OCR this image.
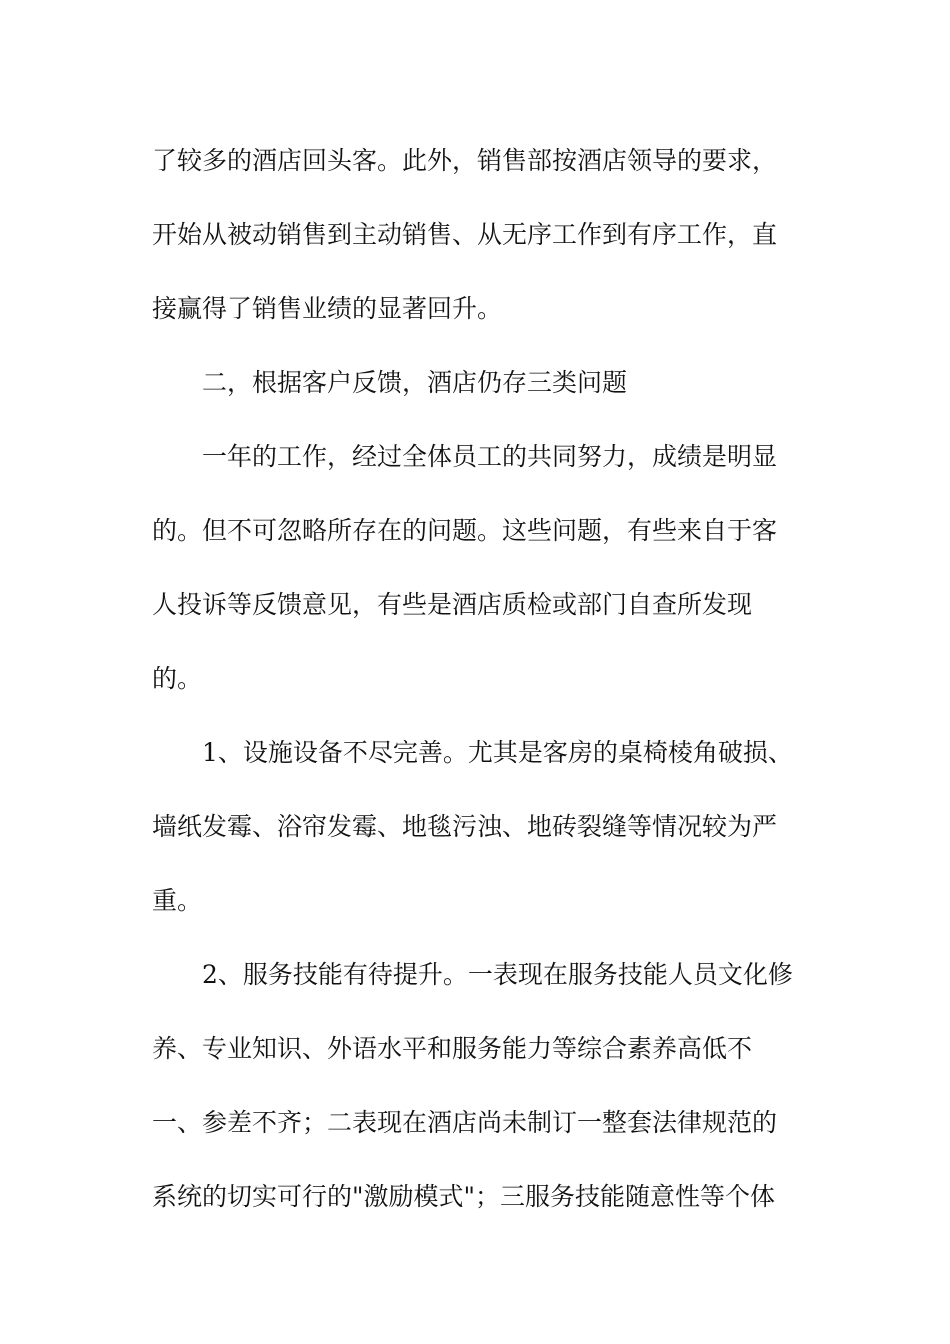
了较多的酒店回头客。此外，销售部按酒店领导的要求，
开始从被动销售到主动销售、从无序工作到有序工作，直
接赢得了销售业绩的显著回升。
二，根据客户反馈，酒店仍存三类问题
一年的工作，经过全体员工的共同努力，成绩是明显
的。但不可忽略所存在的问题。这些问题，有些来自于客
人投诉等反馈意见，有些是酒店质检或部门自查所发现
的。
1、设施设备不尽完善。尤其是客房的桌椅棱角破损、
墙纸发霉、浴帘发霉、地毯污浊、地砖裂缝等情况较为严
重。
2、服务技能有待提升。一表现在服务技能人员文化修
养、专业知识、外语水平和服务能力等综合素养高低不
一、参差不齐；二表现在酒店尚未制订一整套法律规范的
系统的切实可行的"激励模式"；三服务技能随意性等个体
